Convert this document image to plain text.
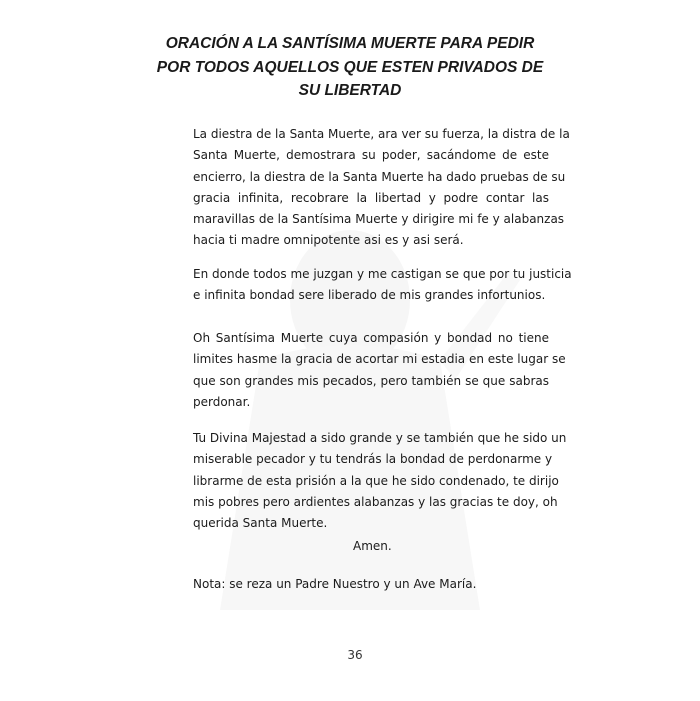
ORACIÓN A LA SANTÍSIMA MUERTE PARA PEDIR
POR TODOS AQUELLOS QUE ESTEN PRIVADOS DE
SU LIBERTAD

La diestra de la Santa Muerte, ara ver su fuerza, la distra de la
Santa Muerte, demostrara su poder, sacándome de este
encierro, la diestra de la Santa Muerte ha dado pruebas de su
gracia infinita, recobrare la libertad y podre contar las
maravillas de la Santísima Muerte y dirigire mi fe y alabanzas
hacia ti madre omnipotente asi es y asi será.

En donde todos me juzgan y me castigan se que por tu justicia
e infinita bondad sere liberado de mis grandes infortunios.

Oh Santísima Muerte cuya compasión y bondad no tiene
limites hasme la gracia de acortar mi estadia en este lugar se
que son grandes mis pecados, pero también se que sabras
perdonar.

Tu Divina Majestad a sido grande y se también que he sido un
miserable pecador y tu tendrás la bondad de perdonarme y
librarme de esta prisión a la que he sido condenado, te dirijo
mis pobres pero ardientes alabanzas y las gracias te doy, oh
querida Santa Muerte.

Amen.
Nota: se reza un Padre Nuestro y un Ave María.
36
